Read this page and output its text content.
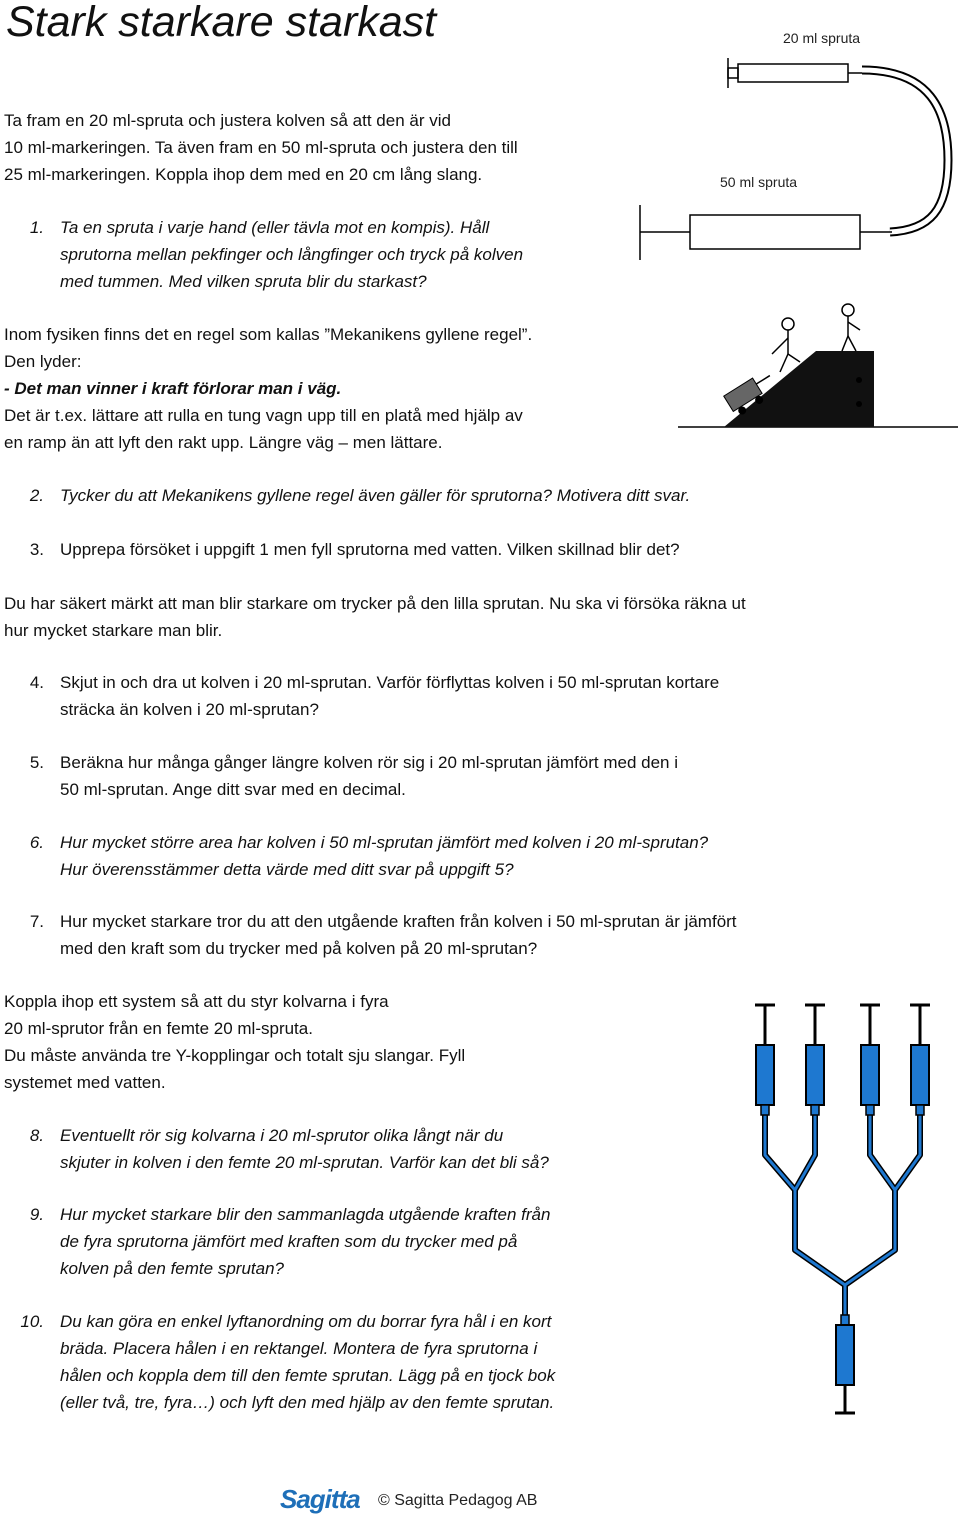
Stark starkare starkast	20 ml spruta
50 ml spruta
Ta fram en 20 ml-spruta och justera kolven så att den är vid
10 ml-markeringen. Ta även fram en 50 ml-spruta och justera den till
25 ml-markeringen. Koppla ihop dem med en 20 cm lång slang.
1. Ta en spruta i varje hand (eller tävla mot en kompis). Håll
sprutorna mellan pekfinger och långfinger och tryck på kolven
med tummen. Med vilken spruta blir du starkast?
Inom fysiken finns det en regel som kallas ”Mekanikens gyllene regel”.
Den lyder:
- Det man vinner i kraft förlorar man i väg.
Det är t.ex. lättare att rulla en tung vagn upp till en platå med hjälp av
en ramp än att lyft den rakt upp. Längre väg – men lättare.
2. Tycker du att Mekanikens gyllene regel även gäller för sprutorna? Motivera ditt svar.
3. Upprepa försöket i uppgift 1 men fyll sprutorna med vatten. Vilken skillnad blir det?
Du har säkert märkt att man blir starkare om trycker på den lilla sprutan. Nu ska vi försöka räkna ut
hur mycket starkare man blir.
4. Skjut in och dra ut kolven i 20 ml-sprutan. Varför förflyttas kolven i 50 ml-sprutan kortare
sträcka än kolven i 20 ml-sprutan?
5. Beräkna hur många gånger längre kolven rör sig i 20 ml-sprutan jämfört med den i
50 ml-sprutan. Ange ditt svar med en decimal.
6. Hur mycket större area har kolven i 50 ml-sprutan jämfört med kolven i 20 ml-sprutan?
Hur överensstämmer detta värde med ditt svar på uppgift 5?
7. Hur mycket starkare tror du att den utgående kraften från kolven i 50 ml-sprutan är jämfört
med den kraft som du trycker med på kolven på 20 ml-sprutan?
Koppla ihop ett system så att du styr kolvarna i fyra
20 ml-sprutor från en femte 20 ml-spruta.
Du måste använda tre Y-kopplingar och totalt sju slangar. Fyll
systemet med vatten.
8. Eventuellt rör sig kolvarna i 20 ml-sprutor olika långt när du
skjuter in kolven i den femte 20 ml-sprutan. Varför kan det bli så?
9. Hur mycket starkare blir den sammanlagda utgående kraften från
de fyra sprutorna jämfört med kraften som du trycker med på
kolven på den femte sprutan?
10. Du kan göra en enkel lyftanordning om du borrar fyra hål i en kort
bräda. Placera hålen i en rektangel. Montera de fyra sprutorna i
hålen och koppla dem till den femte sprutan. Lägg på en tjock bok
(eller två, tre, fyra…) och lyft den med hjälp av den femte sprutan.
Sagitta © Sagitta Pedagog AB
